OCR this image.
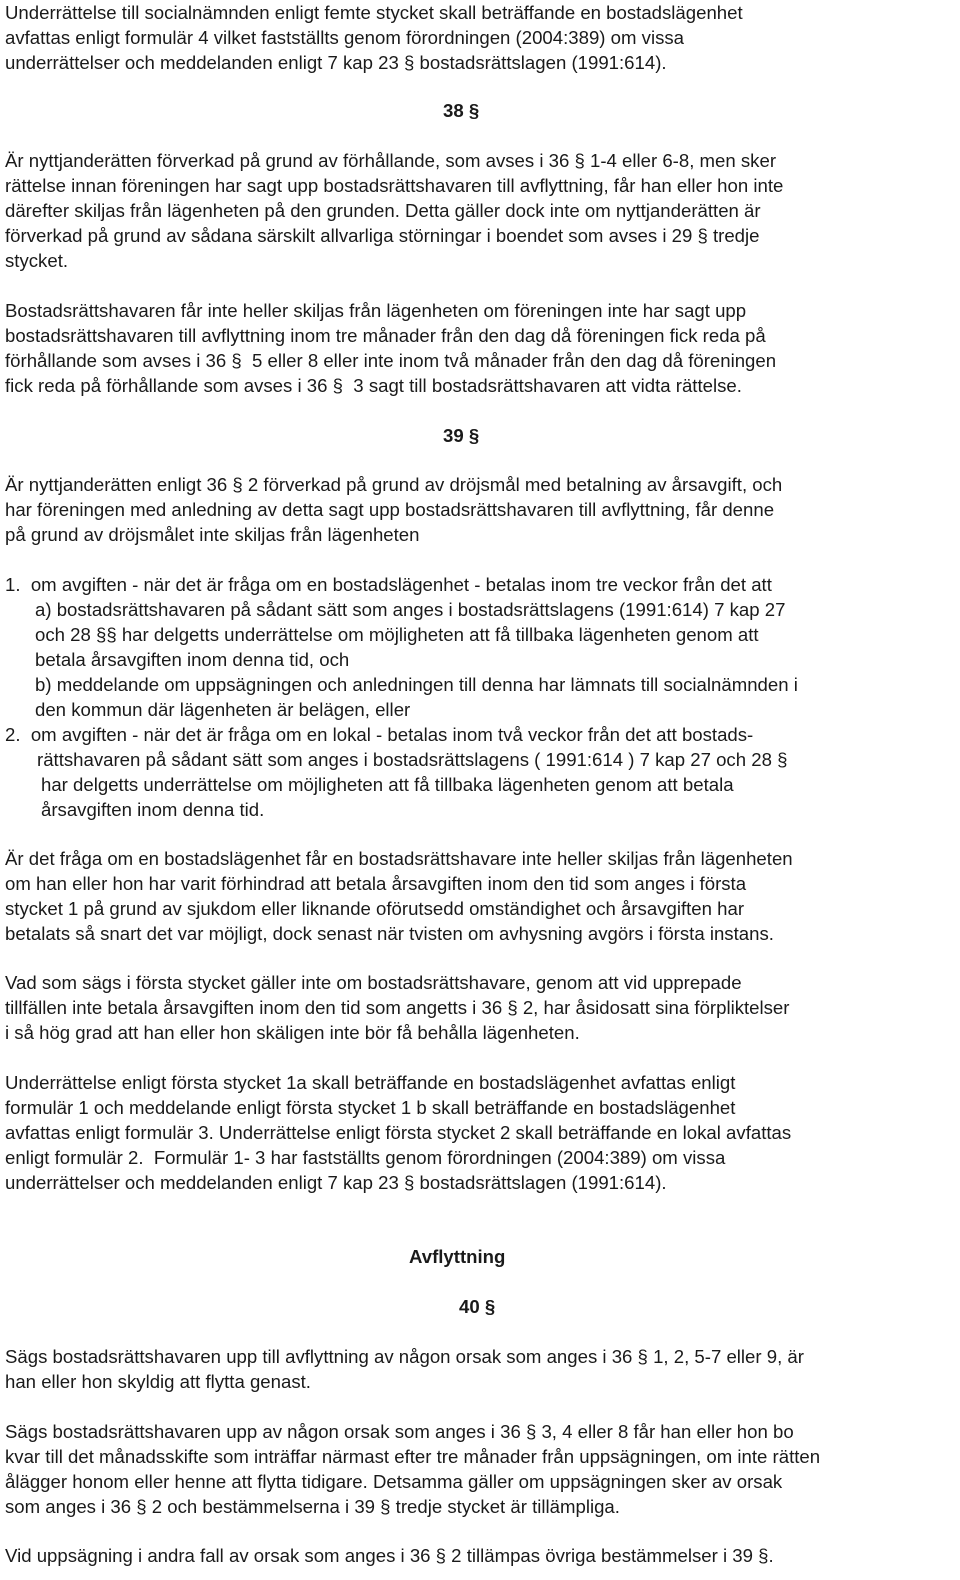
Underrättelse till socialnämnden enligt femte stycket skall beträffande en bostadslägenhet
avfattas enligt formulär 4 vilket fastställts genom förordningen (2004:389) om vissa
underrättelser och meddelanden enligt 7 kap 23 § bostadsrättslagen (1991:614).
38 §
Är nyttjanderätten förverkad på grund av förhållande, som avses i 36 § 1-4 eller 6-8, men sker
rättelse innan föreningen har sagt upp bostadsrättshavaren till avflyttning, får han eller hon inte
därefter skiljas från lägenheten på den grunden. Detta gäller dock inte om nyttjanderätten är
förverkad på grund av sådana särskilt allvarliga störningar i boendet som avses i 29 § tredje
stycket.
Bostadsrättshavaren får inte heller skiljas från lägenheten om föreningen inte har sagt upp
bostadsrättshavaren till avflyttning inom tre månader från den dag då föreningen fick reda på
förhållande som avses i 36 §  5 eller 8 eller inte inom två månader från den dag då föreningen
fick reda på förhållande som avses i 36 §  3 sagt till bostadsrättshavaren att vidta rättelse.
39 §
Är nyttjanderätten enligt 36 § 2 förverkad på grund av dröjsmål med betalning av årsavgift, och
har föreningen med anledning av detta sagt upp bostadsrättshavaren till avflyttning, får denne
på grund av dröjsmålet inte skiljas från lägenheten
1.  om avgiften - när det är fråga om en bostadslägenhet - betalas inom tre veckor från det att
a) bostadsrättshavaren på sådant sätt som anges i bostadsrättslagens (1991:614) 7 kap 27
och 28 §§ har delgetts underrättelse om möjligheten att få tillbaka lägenheten genom att
betala årsavgiften inom denna tid, och
b) meddelande om uppsägningen och anledningen till denna har lämnats till socialnämnden i
den kommun där lägenheten är belägen, eller
2.  om avgiften - när det är fråga om en lokal - betalas inom två veckor från det att bostads-
rättshavaren på sådant sätt som anges i bostadsrättslagens ( 1991:614 ) 7 kap 27 och 28 §
har delgetts underrättelse om möjligheten att få tillbaka lägenheten genom att betala
årsavgiften inom denna tid.
Är det fråga om en bostadslägenhet får en bostadsrättshavare inte heller skiljas från lägenheten
om han eller hon har varit förhindrad att betala årsavgiften inom den tid som anges i första
stycket 1 på grund av sjukdom eller liknande oförutsedd omständighet och årsavgiften har
betalats så snart det var möjligt, dock senast när tvisten om avhysning avgörs i första instans.
Vad som sägs i första stycket gäller inte om bostadsrättshavare, genom att vid upprepade
tillfällen inte betala årsavgiften inom den tid som angetts i 36 § 2, har åsidosatt sina förpliktelser
i så hög grad att han eller hon skäligen inte bör få behålla lägenheten.
Underrättelse enligt första stycket 1a skall beträffande en bostadslägenhet avfattas enligt
formulär 1 och meddelande enligt första stycket 1 b skall beträffande en bostadslägenhet
avfattas enligt formulär 3. Underrättelse enligt första stycket 2 skall beträffande en lokal avfattas
enligt formulär 2.  Formulär 1- 3 har fastställts genom förordningen (2004:389) om vissa
underrättelser och meddelanden enligt 7 kap 23 § bostadsrättslagen (1991:614).
Avflyttning
40 §
Sägs bostadsrättshavaren upp till avflyttning av någon orsak som anges i 36 § 1, 2, 5-7 eller 9, är
han eller hon skyldig att flytta genast.
Sägs bostadsrättshavaren upp av någon orsak som anges i 36 § 3, 4 eller 8 får han eller hon bo
kvar till det månadsskifte som inträffar närmast efter tre månader från uppsägningen, om inte rätten
ålägger honom eller henne att flytta tidigare. Detsamma gäller om uppsägningen sker av orsak
som anges i 36 § 2 och bestämmelserna i 39 § tredje stycket är tillämpliga.
Vid uppsägning i andra fall av orsak som anges i 36 § 2 tillämpas övriga bestämmelser i 39 §.
